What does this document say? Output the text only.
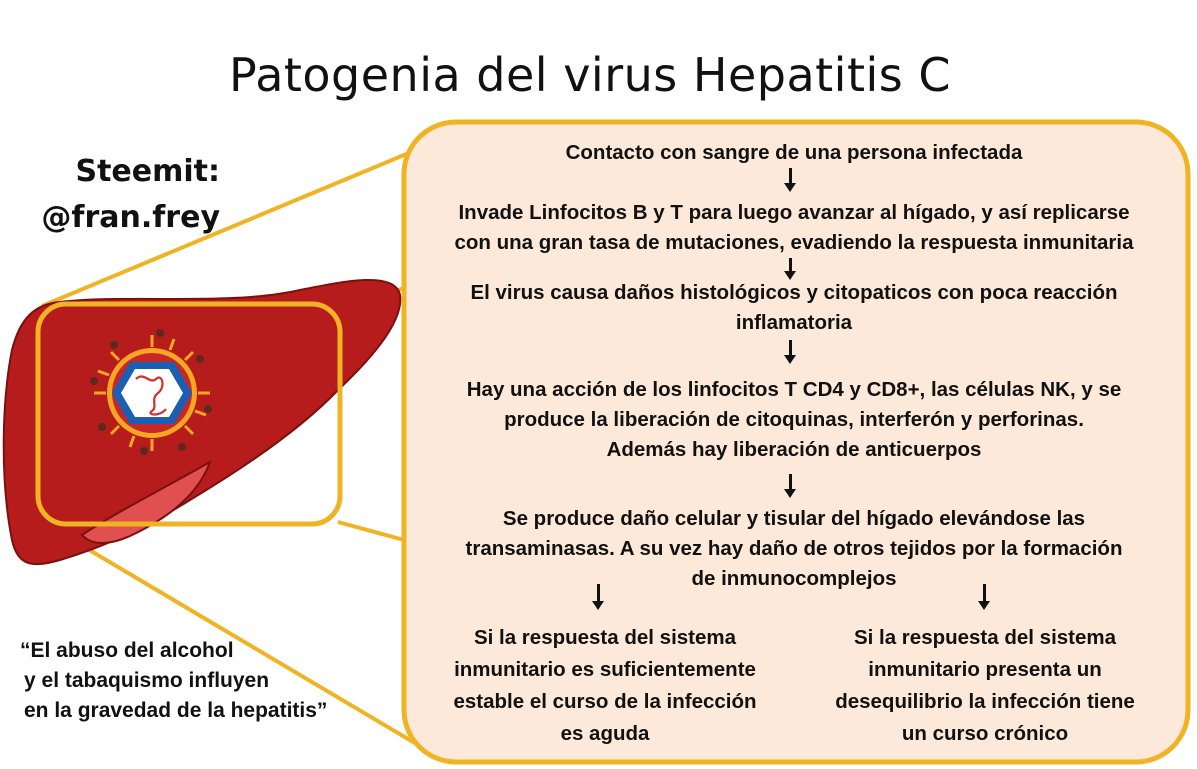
Patogenia del virus Hepatitis C
Steemit:
@fran.frey
Contacto con sangre de una persona infectada
Invade Linfocitos B y T para luego avanzar al hígado, y así replicarse
con una gran tasa de mutaciones, evadiendo la respuesta inmunitaria
El virus causa daños histológicos y citopaticos con poca reacción
inflamatoria
Hay una acción de los linfocitos T CD4 y CD8+, las células NK, y se
produce la liberación de citoquinas, interferón y perforinas.
Además hay liberación de anticuerpos
Se produce daño celular y tisular del hígado elevándose las
transaminasas. A su vez hay daño de otros tejidos por la formación
de inmunocomplejos
Si la respuesta del sistema
inmunitario es suficientemente
estable el curso de la infección
es aguda
Si la respuesta del sistema
inmunitario presenta un
desequilibrio la infección tiene
un curso crónico
“El abuso del alcohol
y el tabaquismo influyen
en la gravedad de la hepatitis”
